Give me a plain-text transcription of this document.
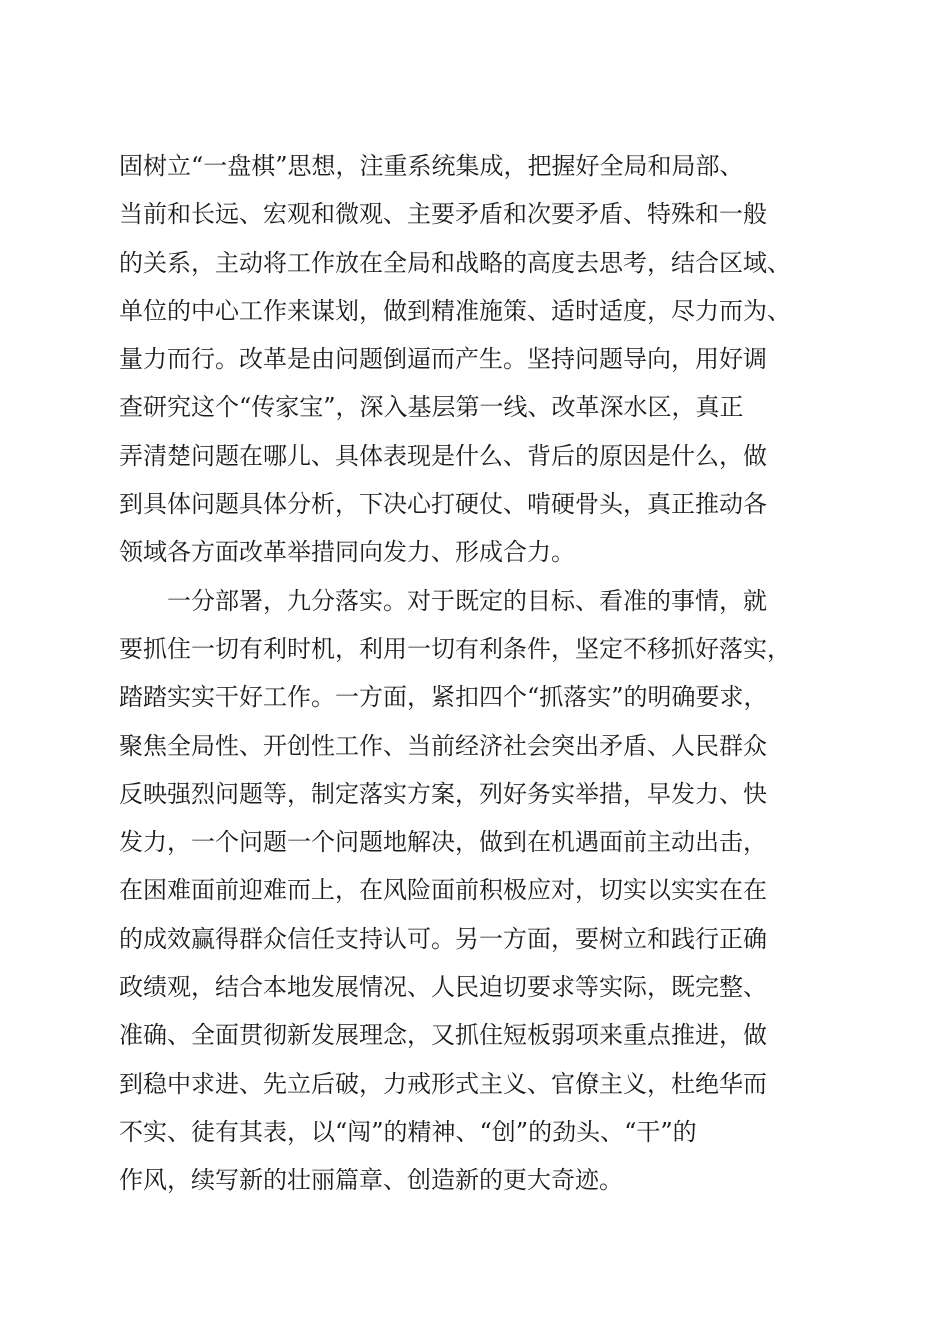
固树立“一盘棋”思想，注重系统集成，把握好全局和局部、
当前和长远、宏观和微观、主要矛盾和次要矛盾、特殊和一般
的关系，主动将工作放在全局和战略的高度去思考，结合区域、
单位的中心工作来谋划，做到精准施策、适时适度，尽力而为、
量力而行。改革是由问题倒逼而产生。坚持问题导向，用好调
查研究这个“传家宝”，深入基层第一线、改革深水区，真正
弄清楚问题在哪儿、具体表现是什么、背后的原因是什么，做
到具体问题具体分析，下决心打硬仗、啃硬骨头，真正推动各
领域各方面改革举措同向发力、形成合力。
一分部署，九分落实。对于既定的目标、看准的事情，就
要抓住一切有利时机，利用一切有利条件，坚定不移抓好落实，
踏踏实实干好工作。一方面，紧扣四个“抓落实”的明确要求，
聚焦全局性、开创性工作、当前经济社会突出矛盾、人民群众
反映强烈问题等，制定落实方案，列好务实举措，早发力、快
发力，一个问题一个问题地解决，做到在机遇面前主动出击，
在困难面前迎难而上，在风险面前积极应对，切实以实实在在
的成效赢得群众信任支持认可。另一方面，要树立和践行正确
政绩观，结合本地发展情况、人民迫切要求等实际，既完整、
准确、全面贯彻新发展理念，又抓住短板弱项来重点推进，做
到稳中求进、先立后破，力戒形式主义、官僚主义，杜绝华而
不实、徒有其表，以“闯”的精神、“创”的劲头、“干”的
作风，续写新的壮丽篇章、创造新的更大奇迹。
